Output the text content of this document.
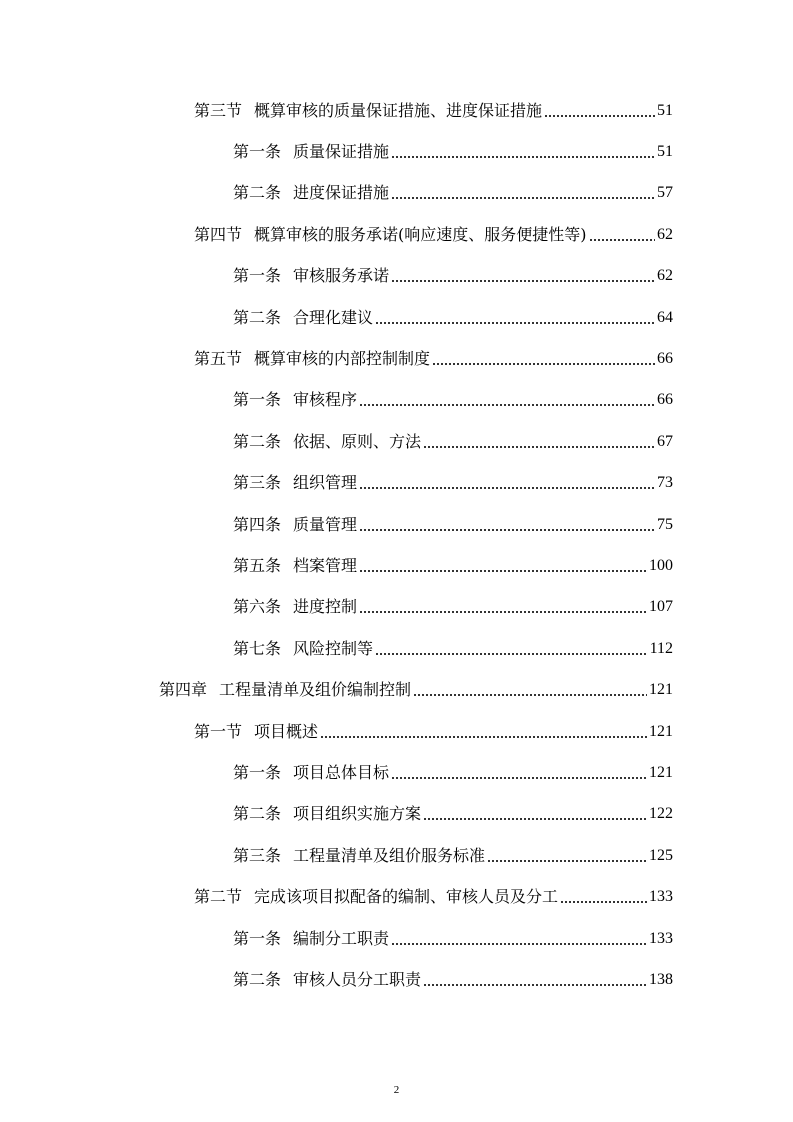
第三节 概算审核的质量保证措施、进度保证措施	51
第一条 质量保证措施	51
第二条 进度保证措施	57
第四节 概算审核的服务承诺(响应速度、服务便捷性等)	62
第一条 审核服务承诺	62
第二条 合理化建议	64
第五节 概算审核的内部控制制度	66
第一条 审核程序	66
第二条 依据、原则、方法	67
第三条 组织管理	73
第四条 质量管理	75
第五条 档案管理	100
第六条 进度控制	107
第七条 风险控制等	112
第四章 工程量清单及组价编制控制	121
第一节 项目概述	121
第一条 项目总体目标	121
第二条 项目组织实施方案	122
第三条 工程量清单及组价服务标准	125
第二节 完成该项目拟配备的编制、审核人员及分工	133
第一条 编制分工职责	133
第二条 审核人员分工职责	138
2
